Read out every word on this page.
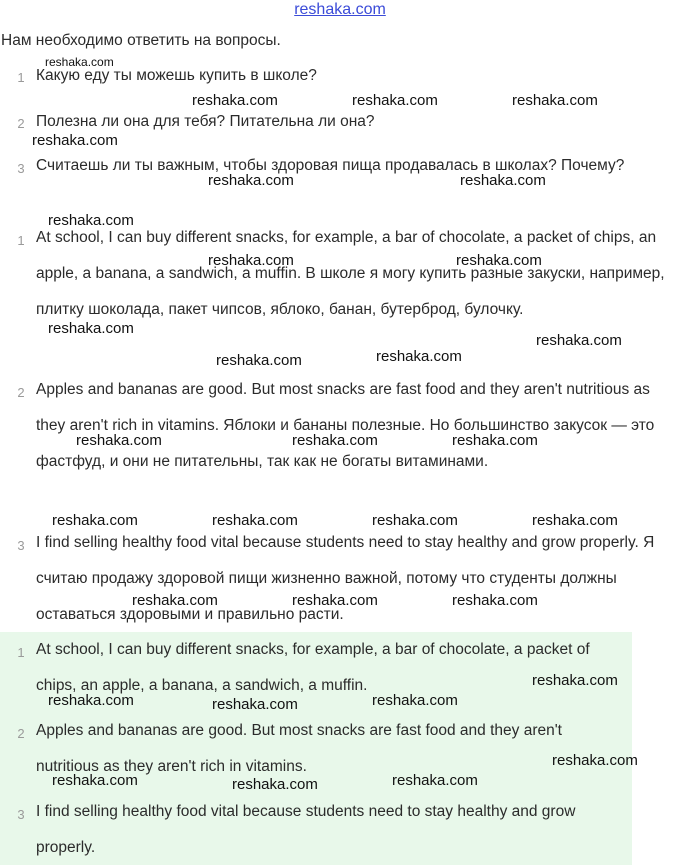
reshaka.com
Нам необходимо ответить на вопросы.
1 Какую еду ты можешь купить в школе?
2 Полезна ли она для тебя? Питательна ли она?
3 Считаешь ли ты важным, чтобы здоровая пища продавалась в школах? Почему?
1 At school, I can buy different snacks, for example, a bar of chocolate, a packet of chips, an apple, a banana, a sandwich, a muffin. В школе я могу купить разные закуски, например, плитку шоколада, пакет чипсов, яблоко, банан, бутерброд, булочку.
2 Apples and bananas are good. But most snacks are fast food and they aren't nutritious as they aren't rich in vitamins. Яблоки и бананы полезные. Но большинство закусок — это фастфуд, и они не питательны, так как не богаты витаминами.
3 I find selling healthy food vital because students need to stay healthy and grow properly. Я считаю продажу здоровой пищи жизненно важной, потому что студенты должны оставаться здоровыми и правильно расти.
1 At school, I can buy different snacks, for example, a bar of chocolate, a packet of chips, an apple, a banana, a sandwich, a muffin.
2 Apples and bananas are good. But most snacks are fast food and they aren't nutritious as they aren't rich in vitamins.
3 I find selling healthy food vital because students need to stay healthy and grow properly.
reshaka.com
reshaka.com	reshaka.com	reshaka.com
reshaka.com
reshaka.com	reshaka.com
reshaka.com
reshaka.com	reshaka.com
reshaka.com
reshaka.com
reshaka.com
reshaka.com
reshaka.com	reshaka.com	reshaka.com
reshaka.com	reshaka.com	reshaka.com	reshaka.com
reshaka.com	reshaka.com	reshaka.com
reshaka.com
reshaka.com	reshaka.com
reshaka.com
reshaka.com
reshaka.com	reshaka.com
reshaka.com
